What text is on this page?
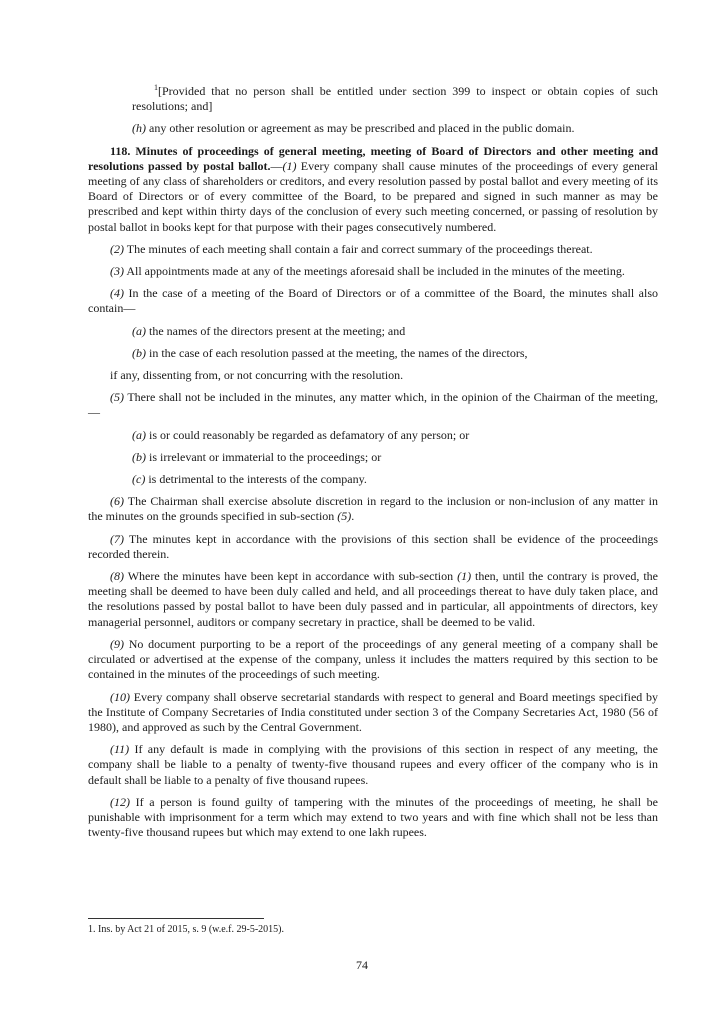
$^1$[Provided that no person shall be entitled under section 399 to inspect or obtain copies of such resolutions; and]

(h) any other resolution or agreement as may be prescribed and placed in the public domain.

118. Minutes of proceedings of general meeting, meeting of Board of Directors and other meeting and resolutions passed by postal ballot.—(1) Every company shall cause minutes of the proceedings of every general meeting of any class of shareholders or creditors, and every resolution passed by postal ballot and every meeting of its Board of Directors or of every committee of the Board, to be prepared and signed in such manner as may be prescribed and kept within thirty days of the conclusion of every such meeting concerned, or passing of resolution by postal ballot in books kept for that purpose with their pages consecutively numbered.

(2) The minutes of each meeting shall contain a fair and correct summary of the proceedings thereat.

(3) All appointments made at any of the meetings aforesaid shall be included in the minutes of the meeting.

(4) In the case of a meeting of the Board of Directors or of a committee of the Board, the minutes shall also contain—

(a) the names of the directors present at the meeting; and

(b) in the case of each resolution passed at the meeting, the names of the directors,

if any, dissenting from, or not concurring with the resolution.

(5) There shall not be included in the minutes, any matter which, in the opinion of the Chairman of the meeting,—

(a) is or could reasonably be regarded as defamatory of any person; or

(b) is irrelevant or immaterial to the proceedings; or

(c) is detrimental to the interests of the company.

(6) The Chairman shall exercise absolute discretion in regard to the inclusion or non-inclusion of any matter in the minutes on the grounds specified in sub-section (5).

(7) The minutes kept in accordance with the provisions of this section shall be evidence of the proceedings recorded therein.

(8) Where the minutes have been kept in accordance with sub-section (1) then, until the contrary is proved, the meeting shall be deemed to have been duly called and held, and all proceedings thereat to have duly taken place, and the resolutions passed by postal ballot to have been duly passed and in particular, all appointments of directors, key managerial personnel, auditors or company secretary in practice, shall be deemed to be valid.

(9) No document purporting to be a report of the proceedings of any general meeting of a company shall be circulated or advertised at the expense of the company, unless it includes the matters required by this section to be contained in the minutes of the proceedings of such meeting.

(10) Every company shall observe secretarial standards with respect to general and Board meetings specified by the Institute of Company Secretaries of India constituted under section 3 of the Company Secretaries Act, 1980 (56 of 1980), and approved as such by the Central Government.

(11) If any default is made in complying with the provisions of this section in respect of any meeting, the company shall be liable to a penalty of twenty-five thousand rupees and every officer of the company who is in default shall be liable to a penalty of five thousand rupees.

(12) If a person is found guilty of tampering with the minutes of the proceedings of meeting, he shall be punishable with imprisonment for a term which may extend to two years and with fine which shall not be less than twenty-five thousand rupees but which may extend to one lakh rupees.

1. Ins. by Act 21 of 2015, s. 9 (w.e.f. 29-5-2015).
74
